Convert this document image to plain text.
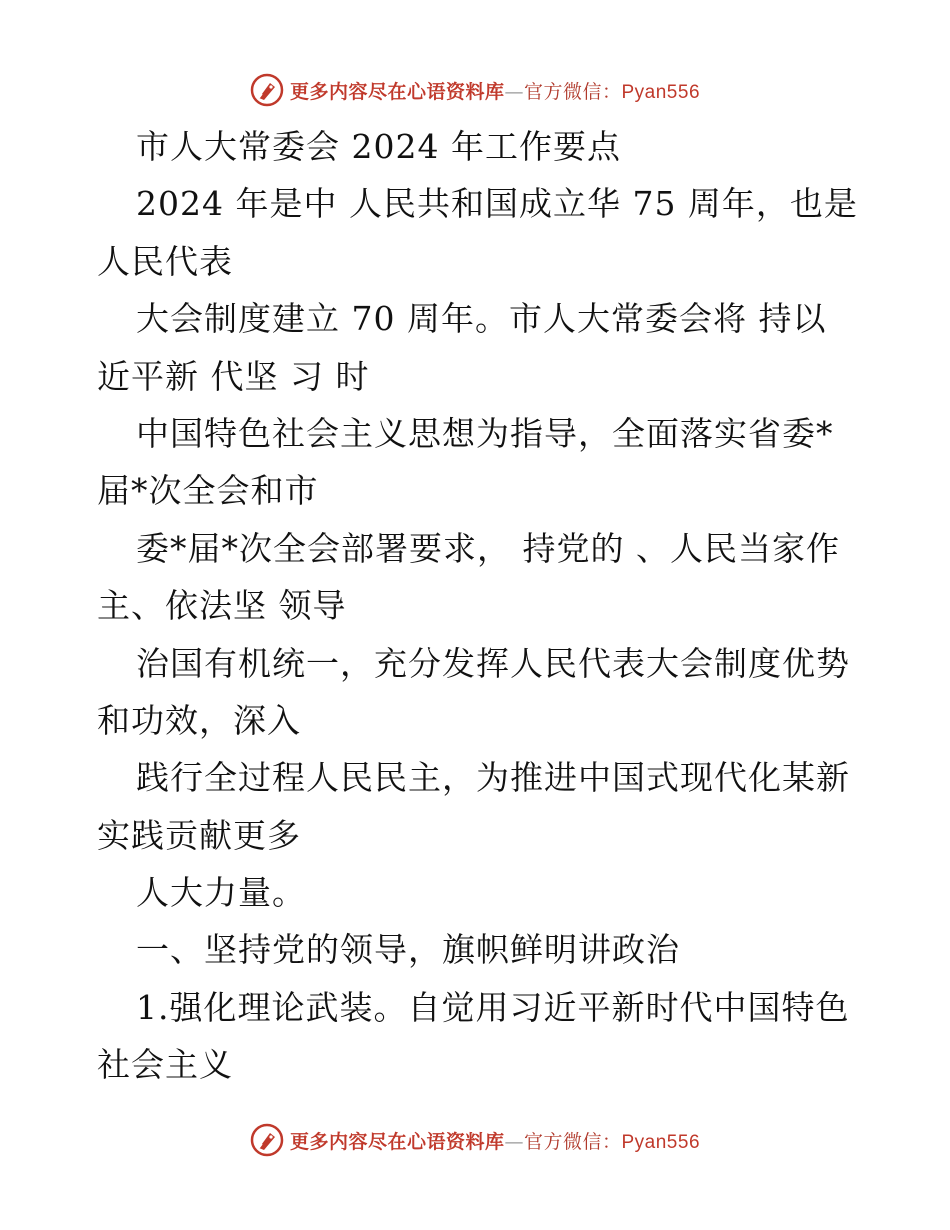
更多内容尽在心语资料库—官方微信：Pyan556
市人大常委会 2024 年工作要点
2024 年是中 人民共和国成立华 75 周年，也是
人民代表
大会制度建立 70 周年。市人大常委会将 持以
近平新 代坚 习 时
中国特色社会主义思想为指导，全面落实省委*
届*次全会和市
委*届*次全会部署要求， 持党的 、人民当家作
主、依法坚 领导
治国有机统一，充分发挥人民代表大会制度优势
和功效，深入
践行全过程人民民主，为推进中国式现代化某新
实践贡献更多
人大力量。
一、坚持党的领导，旗帜鲜明讲政治
1.强化理论武装。自觉用习近平新时代中国特色
社会主义
更多内容尽在心语资料库—官方微信：Pyan556
